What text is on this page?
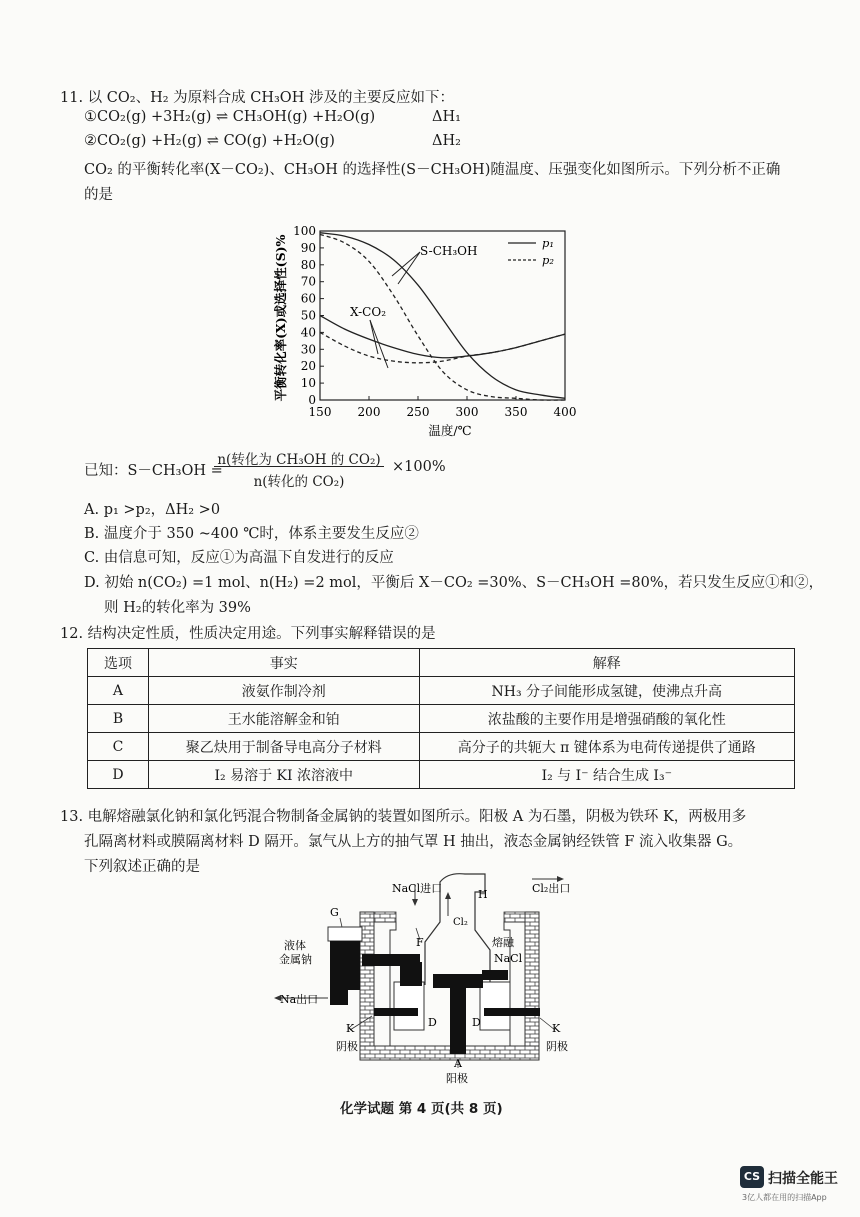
11. 以 CO₂、H₂ 为原料合成 CH₃OH 涉及的主要反应如下：
①CO₂(g) +3H₂(g) ⇌ CH₃OH(g) +H₂O(g)	ΔH₁
②CO₂(g) +H₂(g) ⇌ CO(g) +H₂O(g)	ΔH₂
CO₂ 的平衡转化率(X－CO₂)、CH₃OH 的选择性(S－CH₃OH)随温度、压强变化如图所示。下列分析不正确
的是
0
10
20
30
40
50
60
70
80
90
100
150 200 250 300 350 400
平衡转化率(X)或选择性(S)%
温度/℃
p₁
p₂
S-CH₃OH
X-CO₂
已知：S－CH₃OH =
n(转化为 CH₃OH 的 CO₂)
n(转化的 CO₂)
×100%
A. p₁ >p₂，ΔH₂ >0
B. 温度介于 350 ~400 ℃时，体系主要发生反应②
C. 由信息可知，反应①为高温下自发进行的反应
D. 初始 n(CO₂) =1 mol、n(H₂) =2 mol，平衡后 X－CO₂ =30%、S－CH₃OH =80%，若只发生反应①和②，
则 H₂的转化率为 39%
12. 结构决定性质，性质决定用途。下列事实解释错误的是
选项	事实	解释
A	液氨作制冷剂	NH₃ 分子间能形成氢键，使沸点升高
B	王水能溶解金和铂	浓盐酸的主要作用是增强硝酸的氧化性
C	聚乙炔用于制备导电高分子材料	高分子的共轭大 π 键体系为电荷传递提供了通路
D	I₂ 易溶于 KI 浓溶液中	I₂ 与 I⁻ 结合生成 I₃⁻
13. 电解熔融氯化钠和氯化钙混合物制备金属钠的装置如图所示。阳极 A 为石墨，阴极为铁环 K，两极用多
孔隔离材料或膜隔离材料 D 隔开。氯气从上方的抽气罩 H 抽出，液态金属钠经铁管 F 流入收集器 G。
下列叙述正确的是
NaCl进口	H	Cl₂出口
Cl₂
G
F
液体
金属钠
熔融
NaCl
Na出口
K
阴极
D	D	K
阴极
A
阳极
化学试题 第 4 页(共 8 页)
CS 扫描全能王
3亿人都在用的扫描App
